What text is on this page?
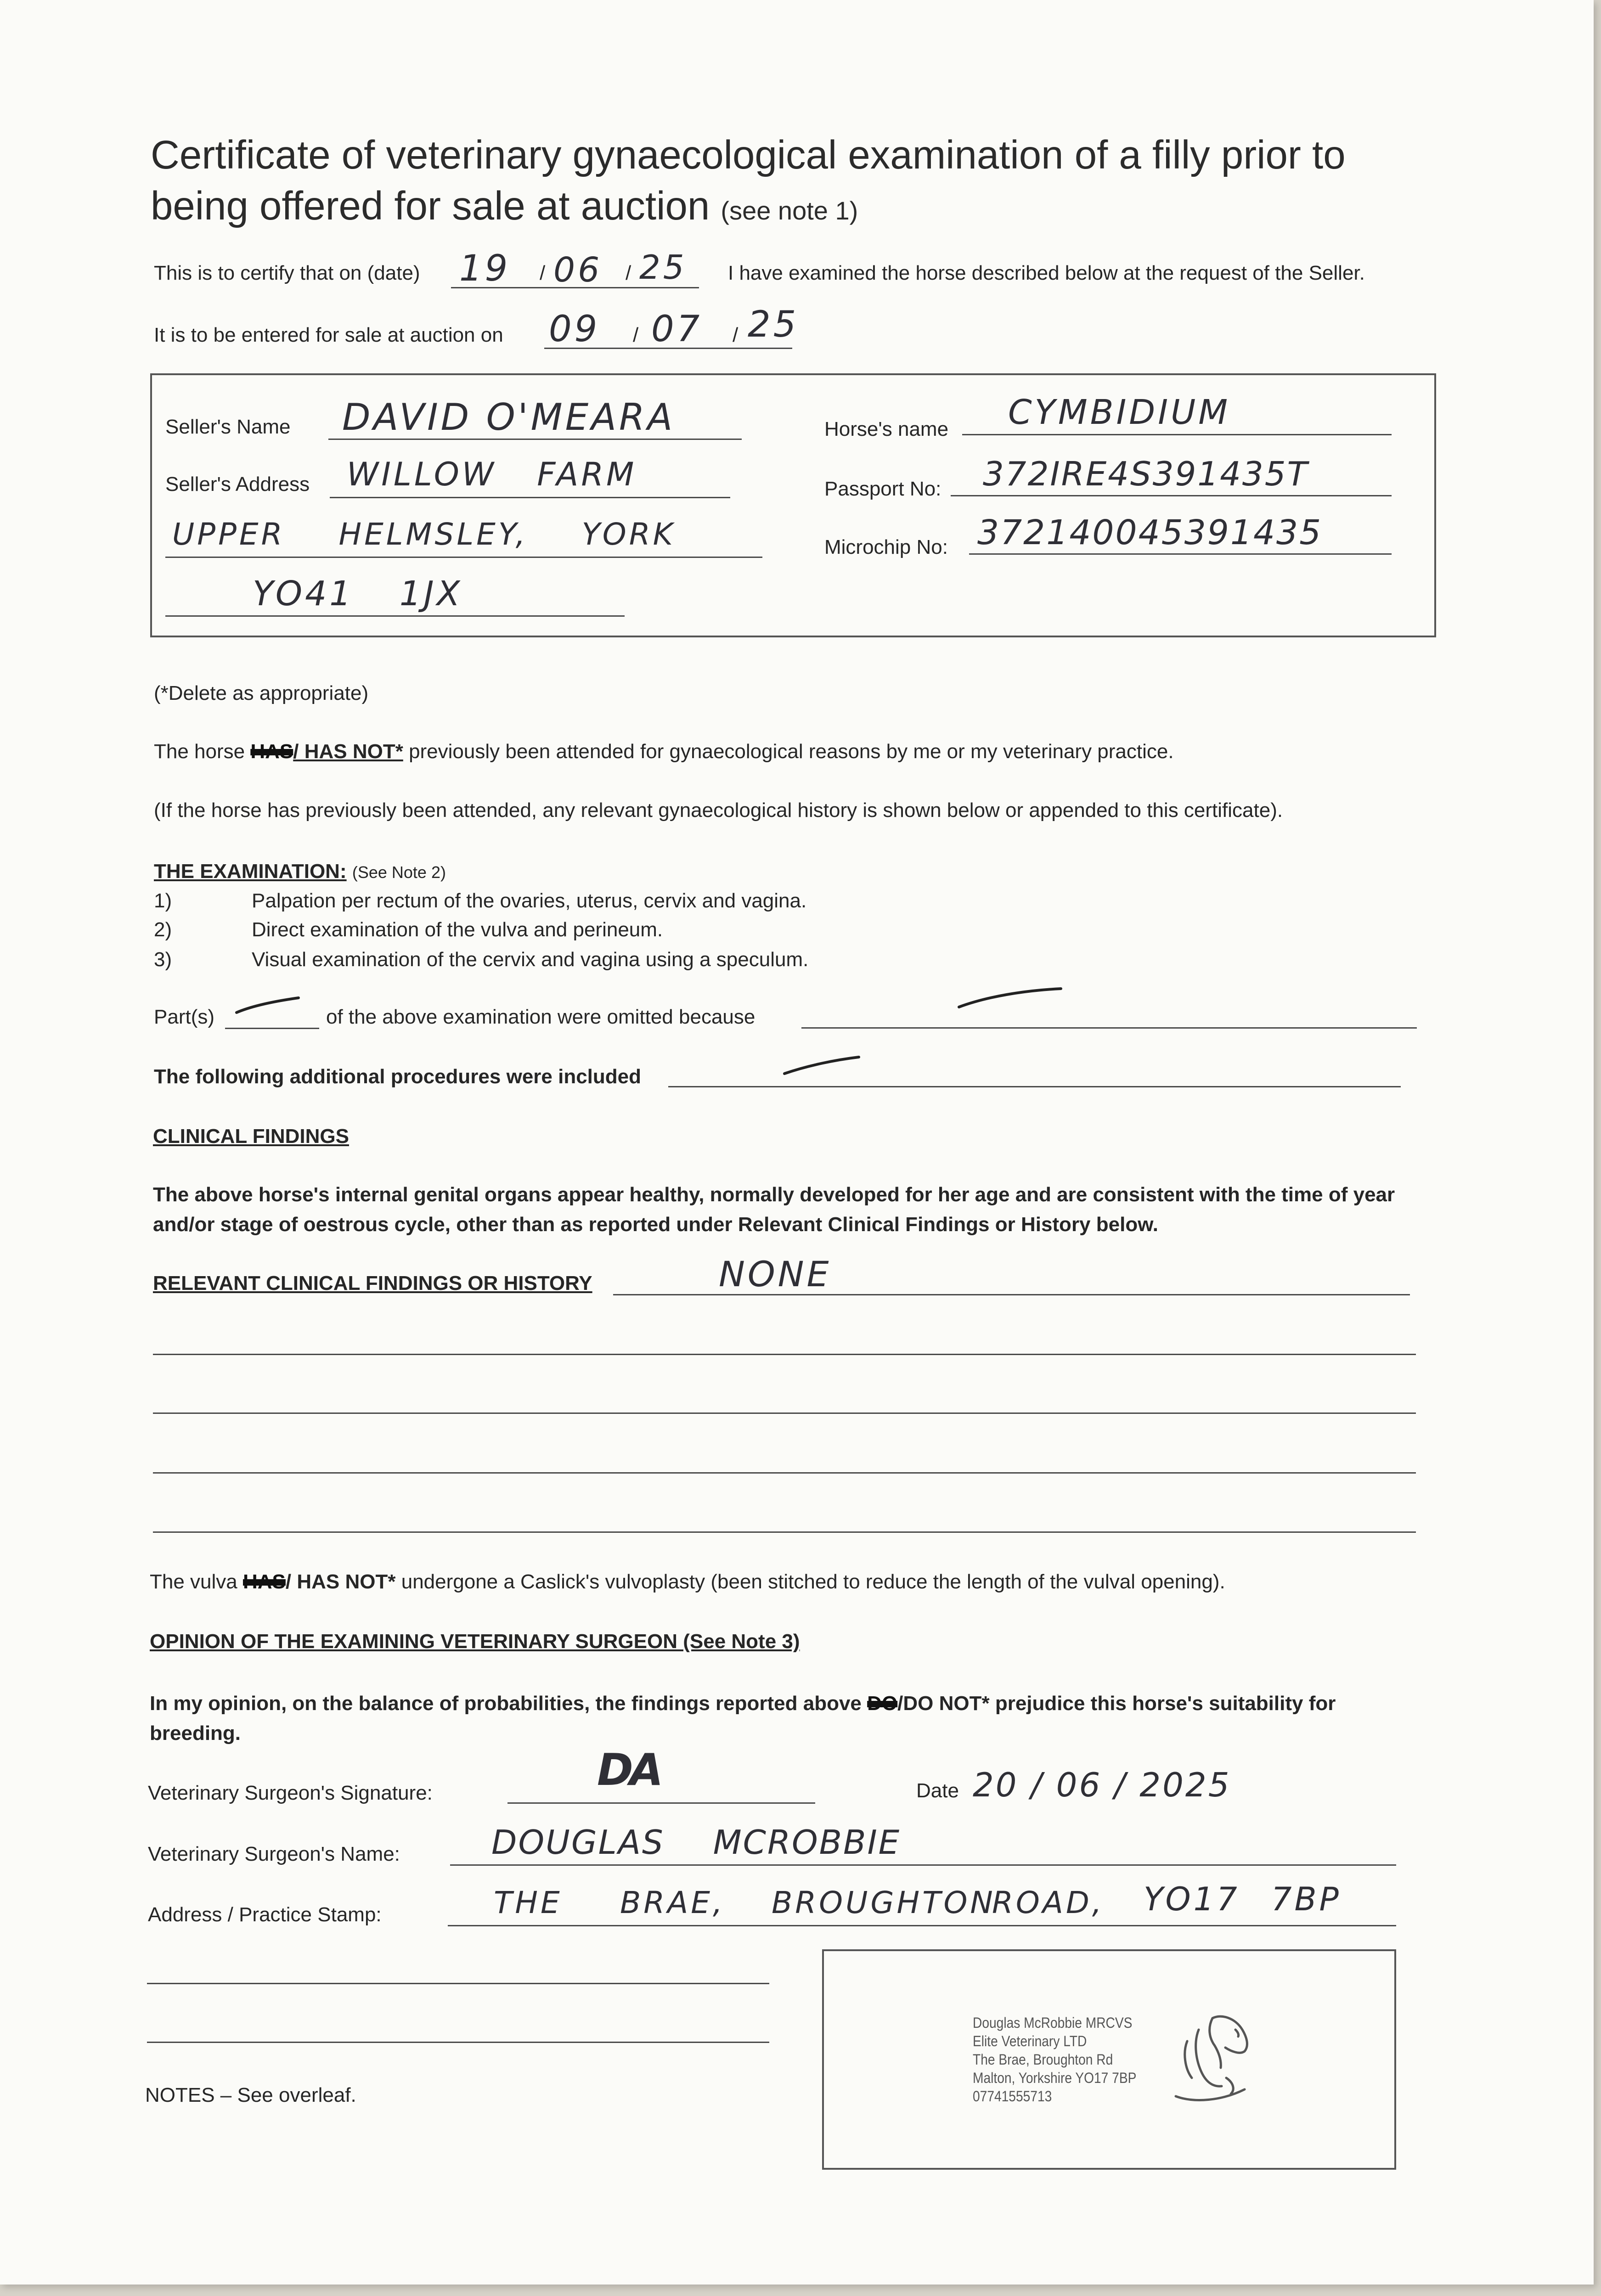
Certificate of veterinary gynaecological examination of a filly prior to
being offered for sale at auction (see note 1)
This is to certify that on (date) 19 / 06 / 25 I have examined the horse described below at the request of the Seller.
It is to be entered for sale at auction on 09 / 07 / 25
Seller's Name DAVID O'MEARA
Seller's Address WILLOW FARM
UPPER HELMSLEY, YORK
YO41 1JX
Horse's name CYMBIDIUM
Passport No: 372IRE4S391435T
Microchip No: 372140045391435
(*Delete as appropriate)
The horse HAS/ HAS NOT* previously been attended for gynaecological reasons by me or my veterinary practice.
(If the horse has previously been attended, any relevant gynaecological history is shown below or appended to this certificate).
THE EXAMINATION: (See Note 2)
1)	Palpation per rectum of the ovaries, uterus, cervix and vagina.
2)	Direct examination of the vulva and perineum.
3)	Visual examination of the cervix and vagina using a speculum.
Part(s)	of the above examination were omitted because
The following additional procedures were included
CLINICAL FINDINGS
The above horse's internal genital organs appear healthy, normally developed for her age and are consistent with the time of year
and/or stage of oestrous cycle, other than as reported under Relevant Clinical Findings or History below.
RELEVANT CLINICAL FINDINGS OR HISTORY	NONE
The vulva HAS/ HAS NOT* undergone a Caslick's vulvoplasty (been stitched to reduce the length of the vulval opening).
OPINION OF THE EXAMINING VETERINARY SURGEON (See Note 3)
In my opinion, on the balance of probabilities, the findings reported above DO/DO NOT* prejudice this horse's suitability for
breeding.
Veterinary Surgeon's Signature:	DA	Date 20 / 06 / 2025
Veterinary Surgeon's Name:	DOUGLAS MCROBBIE
Address / Practice Stamp:	THE BRAE, BROUGHTON
ROAD, YO17 7BP
Douglas McRobbie MRCVS
Elite Veterinary LTD
The Brae, Broughton Rd
Malton, Yorkshire YO17 7BP
07741555713
NOTES – See overleaf.
